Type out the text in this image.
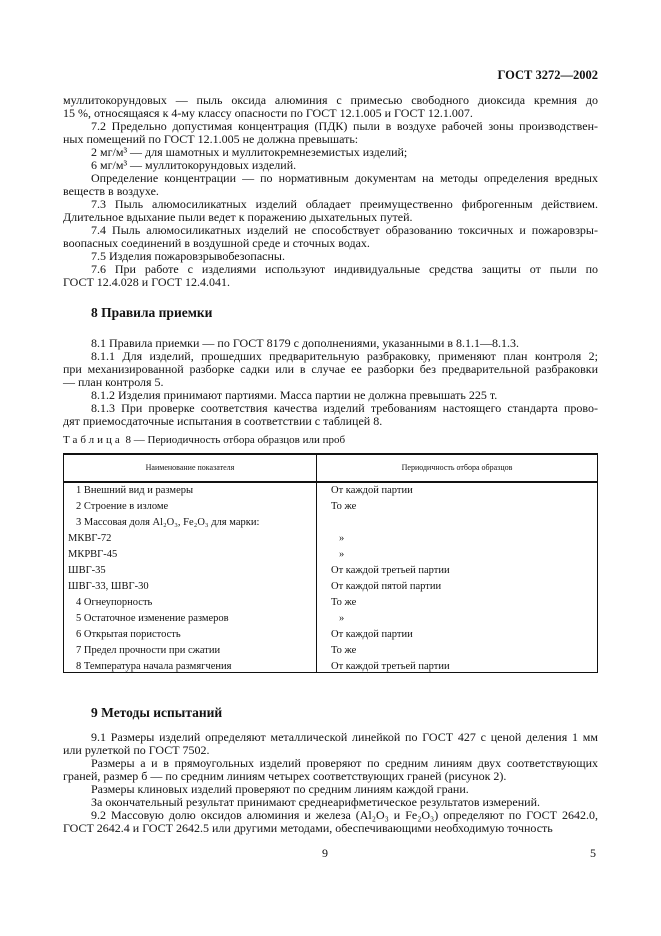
ГОСТ 3272—2002
муллитокорундовых — пыль оксида алюминия с примесью свободного диоксида кремния до
15 %, относящаяся к 4-му классу опасности по ГОСТ 12.1.005 и ГОСТ 12.1.007.
7.2 Предельно допустимая концентрация (ПДК) пыли в воздухе рабочей зоны производствен-
ных помещений по ГОСТ 12.1.005 не должна превышать:
2 мг/м³ — для шамотных и муллитокремнеземистых изделий;
6 мг/м³ — муллитокорундовых изделий.
Определение концентрации — по нормативным документам на методы определения вредных
веществ в воздухе.
7.3 Пыль алюмосиликатных изделий обладает преимущественно фиброгенным действием.
Длительное вдыхание пыли ведет к поражению дыхательных путей.
7.4 Пыль алюмосиликатных изделий не способствует образованию токсичных и пожаровзры-
воопасных соединений в воздушной среде и сточных водах.
7.5 Изделия пожаровзрывобезопасны.
7.6 При работе с изделиями используют индивидуальные средства защиты от пыли по
ГОСТ 12.4.028 и ГОСТ 12.4.041.
8 Правила приемки
8.1 Правила приемки — по ГОСТ 8179 с дополнениями, указанными в 8.1.1—8.1.3.
8.1.1 Для изделий, прошедших предварительную разбраковку, применяют план контроля 2;
при механизированной разборке садки или в случае ее разборки без предварительной разбраковки
— план контроля 5.
8.1.2 Изделия принимают партиями. Масса партии не должна превышать 225 т.
8.1.3 При проверке соответствия качества изделий требованиям настоящего стандарта прово-
дят приемосдаточные испытания в соответствии с таблицей 8.
Таблица 8 — Периодичность отбора образцов или проб
Наименование показателя	Периодичность отбора образцов
1 Внешний вид и размеры	От каждой партии
2 Строение в изломе	То же
3 Массовая доля Al₂O₃, Fe₂O₃ для марки:
МКВГ-72	»
МКРВГ-45	»
ШВГ-35	От каждой третьей партии
ШВГ-33, ШВГ-30	От каждой пятой партии
4 Огнеупорность	То же
5 Остаточное изменение размеров	»
6 Открытая пористость	От каждой партии
7 Предел прочности при сжатии	То же
8 Температура начала размягчения	От каждой третьей партии
9 Методы испытаний
9.1 Размеры изделий определяют металлической линейкой по ГОСТ 427 с ценой деления 1 мм
или рулеткой по ГОСТ 7502.
Размеры а и в прямоугольных изделий проверяют по средним линиям двух соответствующих
граней, размер б — по средним линиям четырех соответствующих граней (рисунок 2).
Размеры клиновых изделий проверяют по средним линиям каждой грани.
За окончательный результат принимают среднеарифметическое результатов измерений.
9.2 Массовую долю оксидов алюминия и железа (Al₂O₃ и Fe₂O₃) определяют по ГОСТ 2642.0,
ГОСТ 2642.4 и ГОСТ 2642.5 или другими методами, обеспечивающими необходимую точность
9	5
